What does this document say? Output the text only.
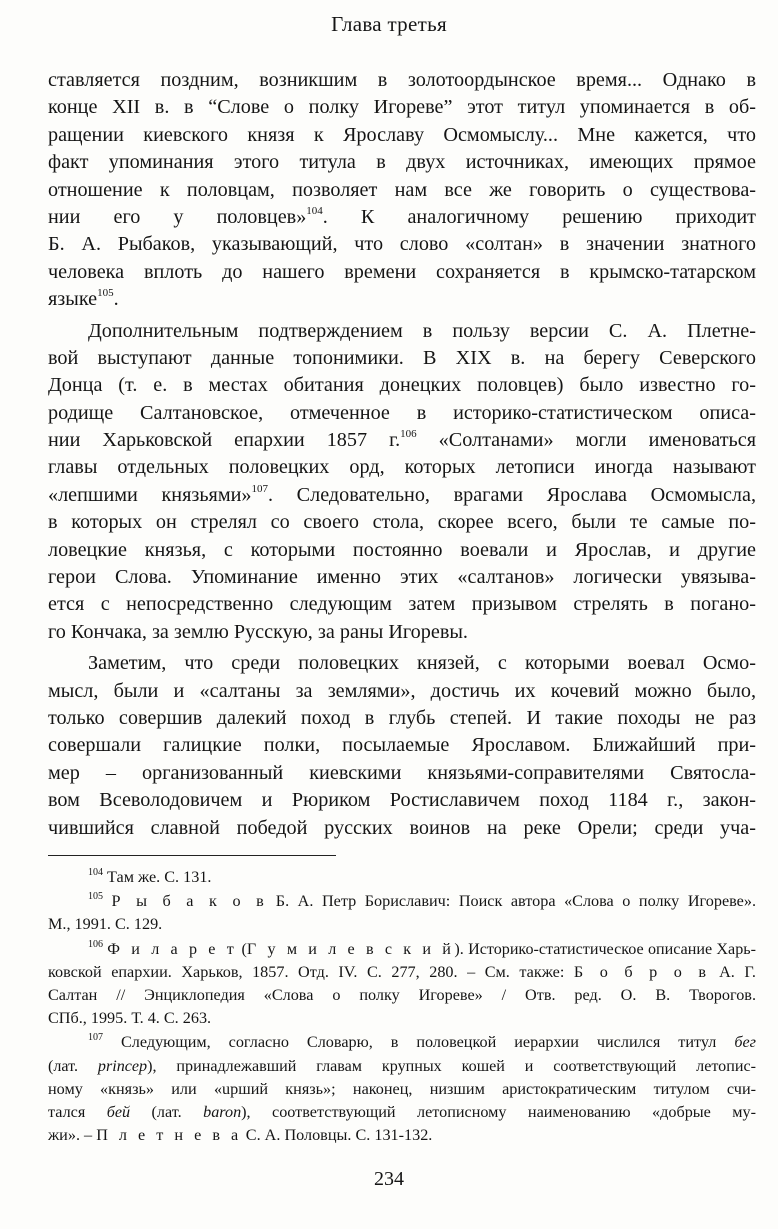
Глава третья
ставляется поздним, возникшим в золотоордынское время... Однако в
конце XII в. в “Слове о полку Игореве” этот титул упоминается в об-
ращении киевского князя к Ярославу Осмомыслу... Мне кажется, что
факт упоминания этого титула в двух источниках, имеющих прямое
отношение к половцам, позволяет нам все же говорить о существова-
нии его у половцев»$^{104}$. К аналогичному решению приходит
Б. А. Рыбаков, указывающий, что слово «солтан» в значении знатного
человека вплоть до нашего времени сохраняется в крымско-татарском
языке$^{105}$.
Дополнительным подтверждением в пользу версии С. А. Плетне-
вой выступают данные топонимики. В XIX в. на берегу Северского
Донца (т. е. в местах обитания донецких половцев) было известно го-
родище Салтановское, отмеченное в историко-статистическом описа-
нии Харьковской епархии 1857 г.$^{106}$ «Солтанами» могли именоваться
главы отдельных половецких орд, которых летописи иногда называют
«лепшими князьями»$^{107}$. Следовательно, врагами Ярослава Осмомысла,
в которых он стрелял со своего стола, скорее всего, были те самые по-
ловецкие князья, с которыми постоянно воевали и Ярослав, и другие
герои Слова. Упоминание именно этих «салтанов» логически увязыва-
ется с непосредственно следующим затем призывом стрелять в погано-
го Кончака, за землю Русскую, за раны Игоревы.
Заметим, что среди половецких князей, с которыми воевал Осмо-
мысл, были и «салтаны за землями», достичь их кочевий можно было,
только совершив далекий поход в глубь степей. И такие походы не раз
совершали галицкие полки, посылаемые Ярославом. Ближайший при-
мер – организованный киевскими князьями-соправителями Святосла-
вом Всеволодовичем и Рюриком Ростиславичем поход 1184 г., закон-
чившийся славной победой русских воинов на реке Орели; среди уча-
$^{104}$ Там же. С. 131.
$^{105}$ Р ы б а к о в Б. А. Петр Бориславич: Поиск автора «Слова о полку Игореве».
М., 1991. С. 129.
$^{106}$ Ф и л а р е т (Г у м и л е в с к и й). Историко-статистическое описание Харь-
ковской епархии. Харьков, 1857. Отд. IV. С. 277, 280. – См. также: Б о б р о в А. Г.
Салтан // Энциклопедия «Слова о полку Игореве» / Отв. ред. О. В. Творогов.
СПб., 1995. Т. 4. С. 263.
$^{107}$ Следующим, согласно Словарю, в половецкой иерархии числился титул бег
(лат. princep), принадлежавший главам крупных кошей и соответствующий летопис-
ному «князь» или «upший князь»; наконец, низшим аристократическим титулом счи-
тался бей (лат. baron), соответствующий летописному наименованию «добрые му-
жи». – П л е т н е в а С. А. Половцы. С. 131-132.
234
